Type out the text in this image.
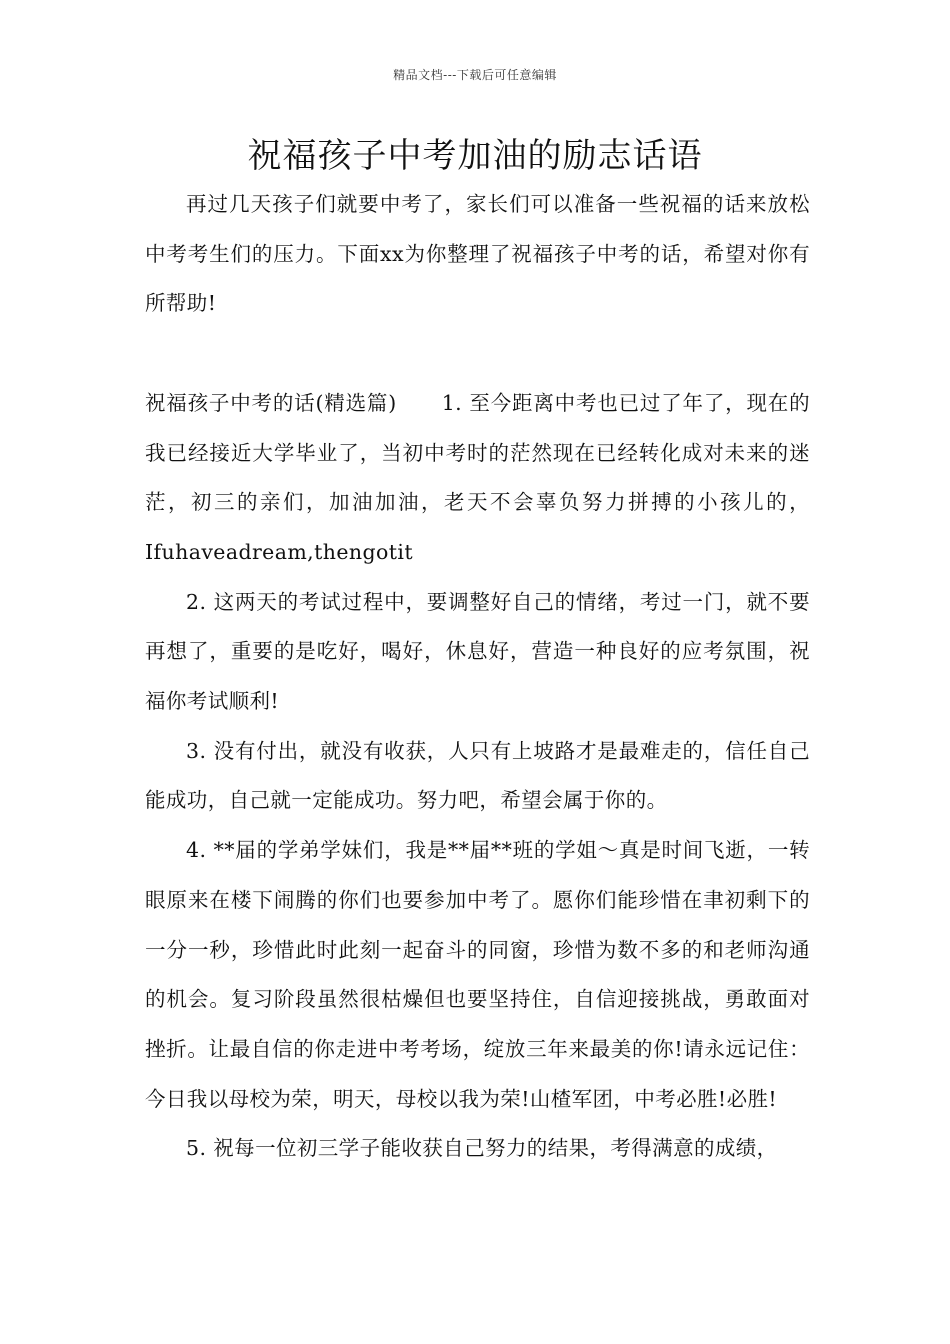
精品文档---下载后可任意编辑
祝福孩子中考加油的励志话语

再过几天孩子们就要中考了，家长们可以准备一些祝福的话来放松中考考生们的压力。下面xx为你整理了祝福孩子中考的话，希望对你有所帮助!

祝福孩子中考的话(精选篇) 1. 至今距离中考也已过了年了，现在的我已经接近大学毕业了，当初中考时的茫然现在已经转化成对未来的迷茫，初三的亲们，加油加油，老天不会辜负努力拼搏的小孩儿的，Ifuhaveadream,thengotit

2. 这两天的考试过程中，要调整好自己的情绪，考过一门，就不要再想了，重要的是吃好，喝好，休息好，营造一种良好的应考氛围，祝福你考试顺利!

3. 没有付出，就没有收获，人只有上坡路才是最难走的，信任自己能成功，自己就一定能成功。努力吧，希望会属于你的。

4. **届的学弟学妹们，我是**届**班的学姐～真是时间飞逝，一转眼原来在楼下闹腾的你们也要参加中考了。愿你们能珍惜在聿初剩下的一分一秒，珍惜此时此刻一起奋斗的同窗，珍惜为数不多的和老师沟通的机会。复习阶段虽然很枯燥但也要坚持住，自信迎接挑战，勇敢面对挫折。让最自信的你走进中考考场，绽放三年来最美的你!请永远记住：今日我以母校为荣，明天，母校以我为荣!山楂军团，中考必胜!必胜!

5. 祝每一位初三学子能收获自己努力的结果，考得满意的成绩，
